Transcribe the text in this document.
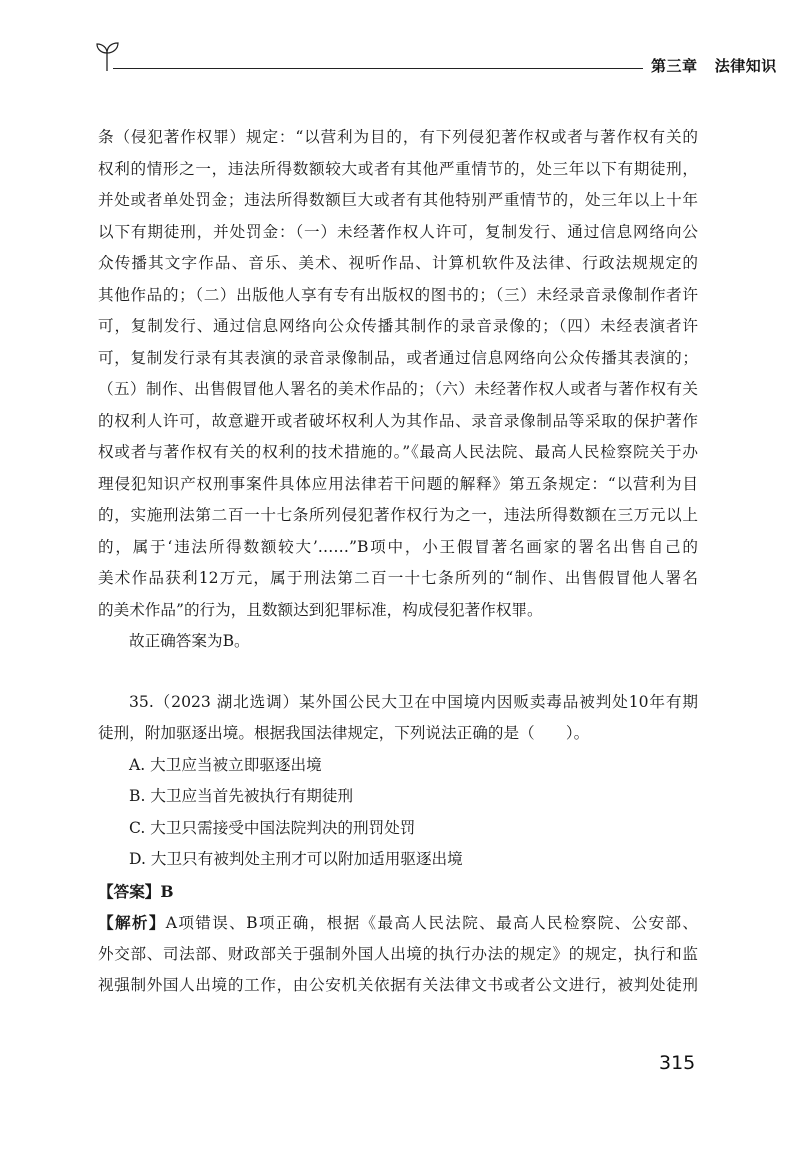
第三章 法律知识
条（侵犯著作权罪）规定：“以营利为目的，有下列侵犯著作权或者与著作权有关的
权利的情形之一，违法所得数额较大或者有其他严重情节的，处三年以下有期徒刑，
并处或者单处罚金；违法所得数额巨大或者有其他特别严重情节的，处三年以上十年
以下有期徒刑，并处罚金：（一）未经著作权人许可，复制发行、通过信息网络向公
众传播其文字作品、音乐、美术、视听作品、计算机软件及法律、行政法规规定的
其他作品的；（二）出版他人享有专有出版权的图书的；（三）未经录音录像制作者许
可，复制发行、通过信息网络向公众传播其制作的录音录像的；（四）未经表演者许
可，复制发行录有其表演的录音录像制品，或者通过信息网络向公众传播其表演的；
（五）制作、出售假冒他人署名的美术作品的；（六）未经著作权人或者与著作权有关
的权利人许可，故意避开或者破坏权利人为其作品、录音录像制品等采取的保护著作
权或者与著作权有关的权利的技术措施的。”《最高人民法院、最高人民检察院关于办
理侵犯知识产权刑事案件具体应用法律若干问题的解释》第五条规定：“以营利为目
的，实施刑法第二百一十七条所列侵犯著作权行为之一，违法所得数额在三万元以上
的，属于‘违法所得数额较大’……”B项中，小王假冒著名画家的署名出售自己的
美术作品获利12万元，属于刑法第二百一十七条所列的“制作、出售假冒他人署名
的美术作品”的行为，且数额达到犯罪标准，构成侵犯著作权罪。
故正确答案为B。
35.（2023 湖北选调）某外国公民大卫在中国境内因贩卖毒品被判处10年有期
徒刑，附加驱逐出境。根据我国法律规定，下列说法正确的是（　　）。
A. 大卫应当被立即驱逐出境
B. 大卫应当首先被执行有期徒刑
C. 大卫只需接受中国法院判决的刑罚处罚
D. 大卫只有被判处主刑才可以附加适用驱逐出境
【答案】B
【解析】A项错误、B项正确，根据《最高人民法院、最高人民检察院、公安部、
外交部、司法部、财政部关于强制外国人出境的执行办法的规定》的规定，执行和监
视强制外国人出境的工作，由公安机关依据有关法律文书或者公文进行，被判处徒刑
315
